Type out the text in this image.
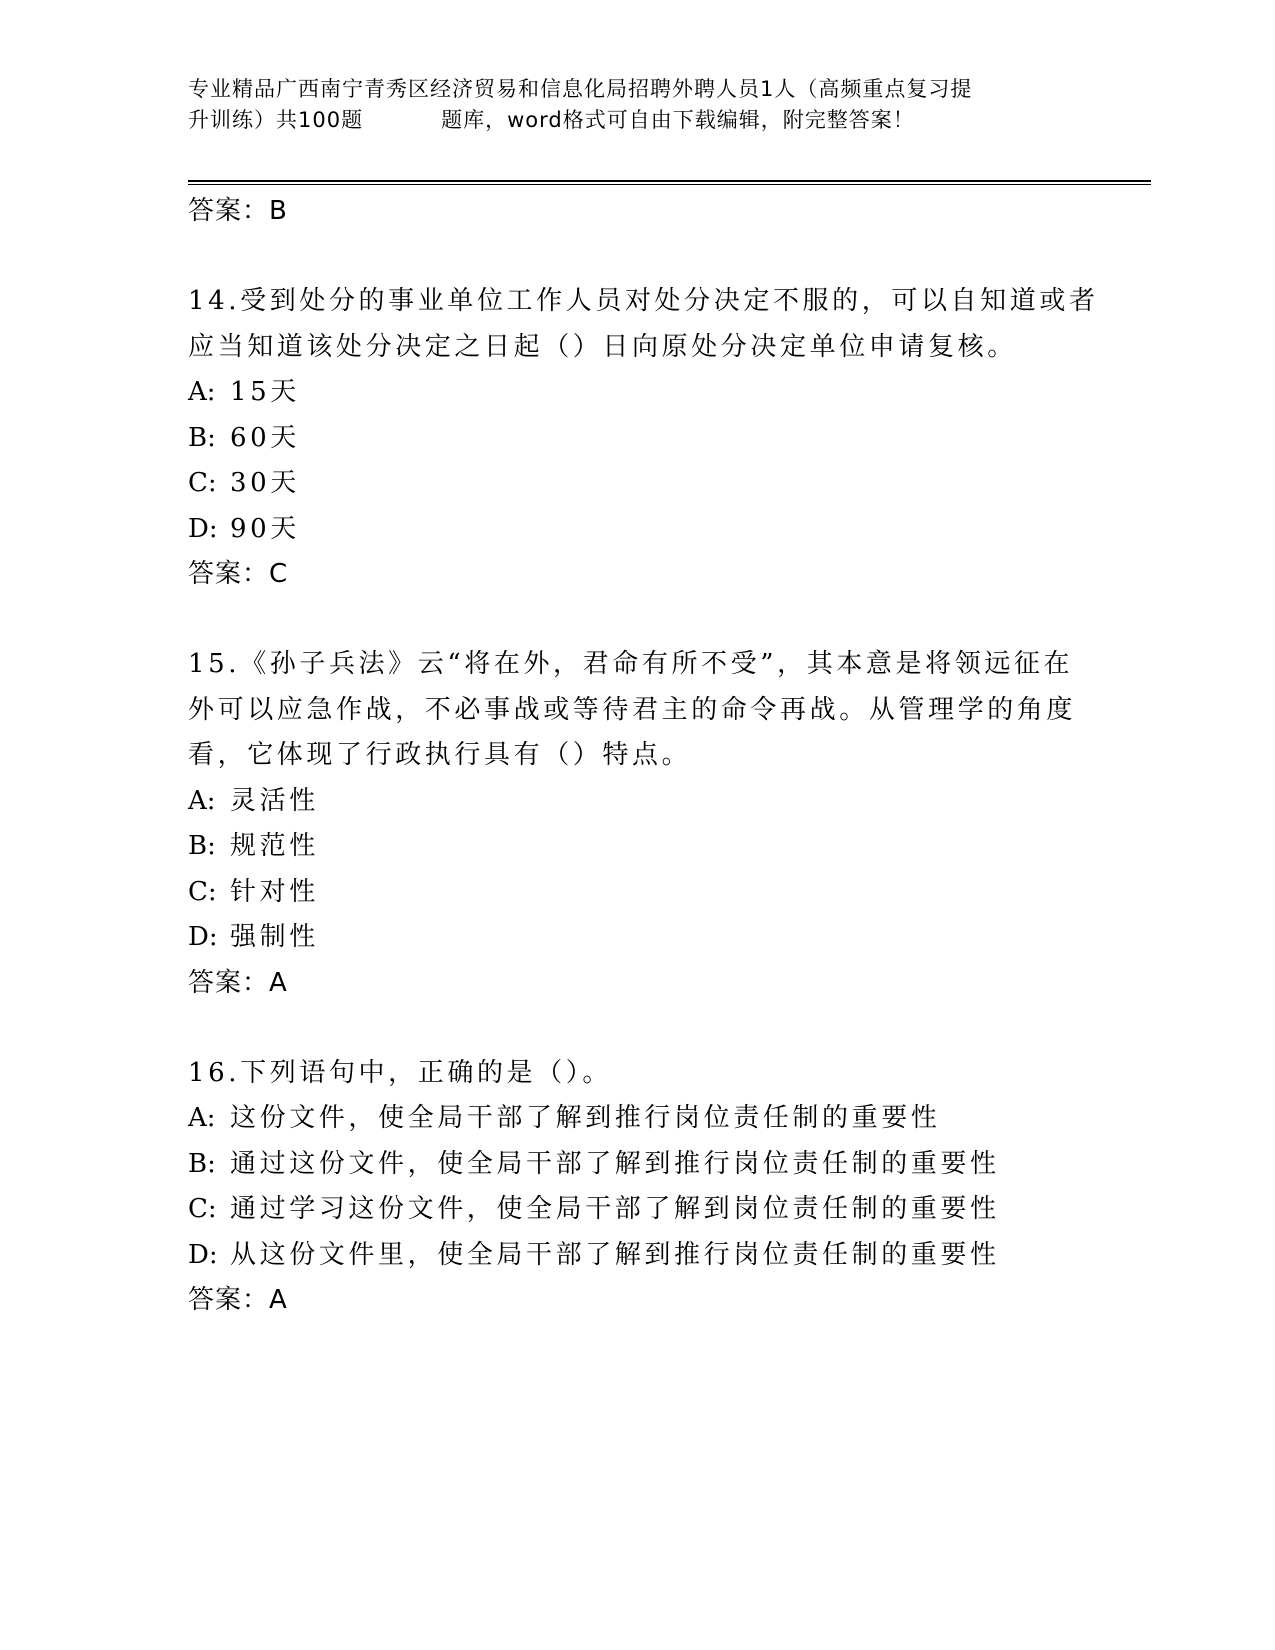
专业精品广西南宁青秀区经济贸易和信息化局招聘外聘人员1人（高频重点复习提
升训练）共100题	题库，word格式可自由下载编辑，附完整答案！
答案：B
14.受到处分的事业单位工作人员对处分决定不服的，可以自知道或者
应当知道该处分决定之日起（）日向原处分决定单位申请复核。
A: 15天
B: 60天
C: 30天
D: 90天
答案：C
15.《孙子兵法》云“将在外，君命有所不受”，其本意是将领远征在
外可以应急作战，不必事战或等待君主的命令再战。从管理学的角度
看，它体现了行政执行具有（）特点。
A: 灵活性
B: 规范性
C: 针对性
D: 强制性
答案：A
16.下列语句中，正确的是（）。
A: 这份文件，使全局干部了解到推行岗位责任制的重要性
B: 通过这份文件，使全局干部了解到推行岗位责任制的重要性
C: 通过学习这份文件，使全局干部了解到岗位责任制的重要性
D: 从这份文件里，使全局干部了解到推行岗位责任制的重要性
答案：A
